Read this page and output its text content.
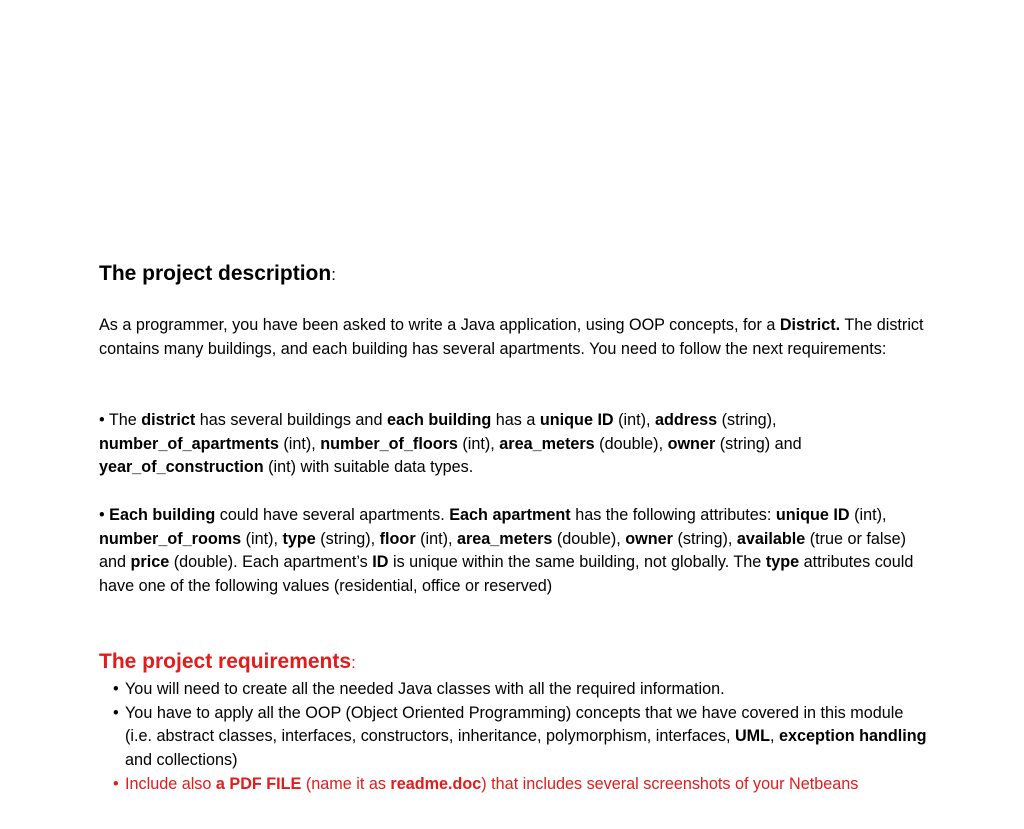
The project description:
As a programmer, you have been asked to write a Java application, using OOP concepts, for a District. The district contains many buildings, and each building has several apartments. You need to follow the next requirements:
• The district has several buildings and each building has a unique ID (int), address (string), number_of_apartments (int), number_of_floors (int), area_meters (double), owner (string) and year_of_construction (int) with suitable data types.
• Each building could have several apartments. Each apartment has the following attributes: unique ID (int), number_of_rooms (int), type (string), floor (int), area_meters (double), owner (string), available (true or false) and price (double). Each apartment’s ID is unique within the same building, not globally. The type attributes could have one of the following values (residential, office or reserved)
The project requirements:
• You will need to create all the needed Java classes with all the required information.
• You have to apply all the OOP (Object Oriented Programming) concepts that we have covered in this module (i.e. abstract classes, interfaces, constructors, inheritance, polymorphism, interfaces, UML, exception handling and collections)
• Include also a PDF FILE (name it as readme.doc) that includes several screenshots of your Netbeans
